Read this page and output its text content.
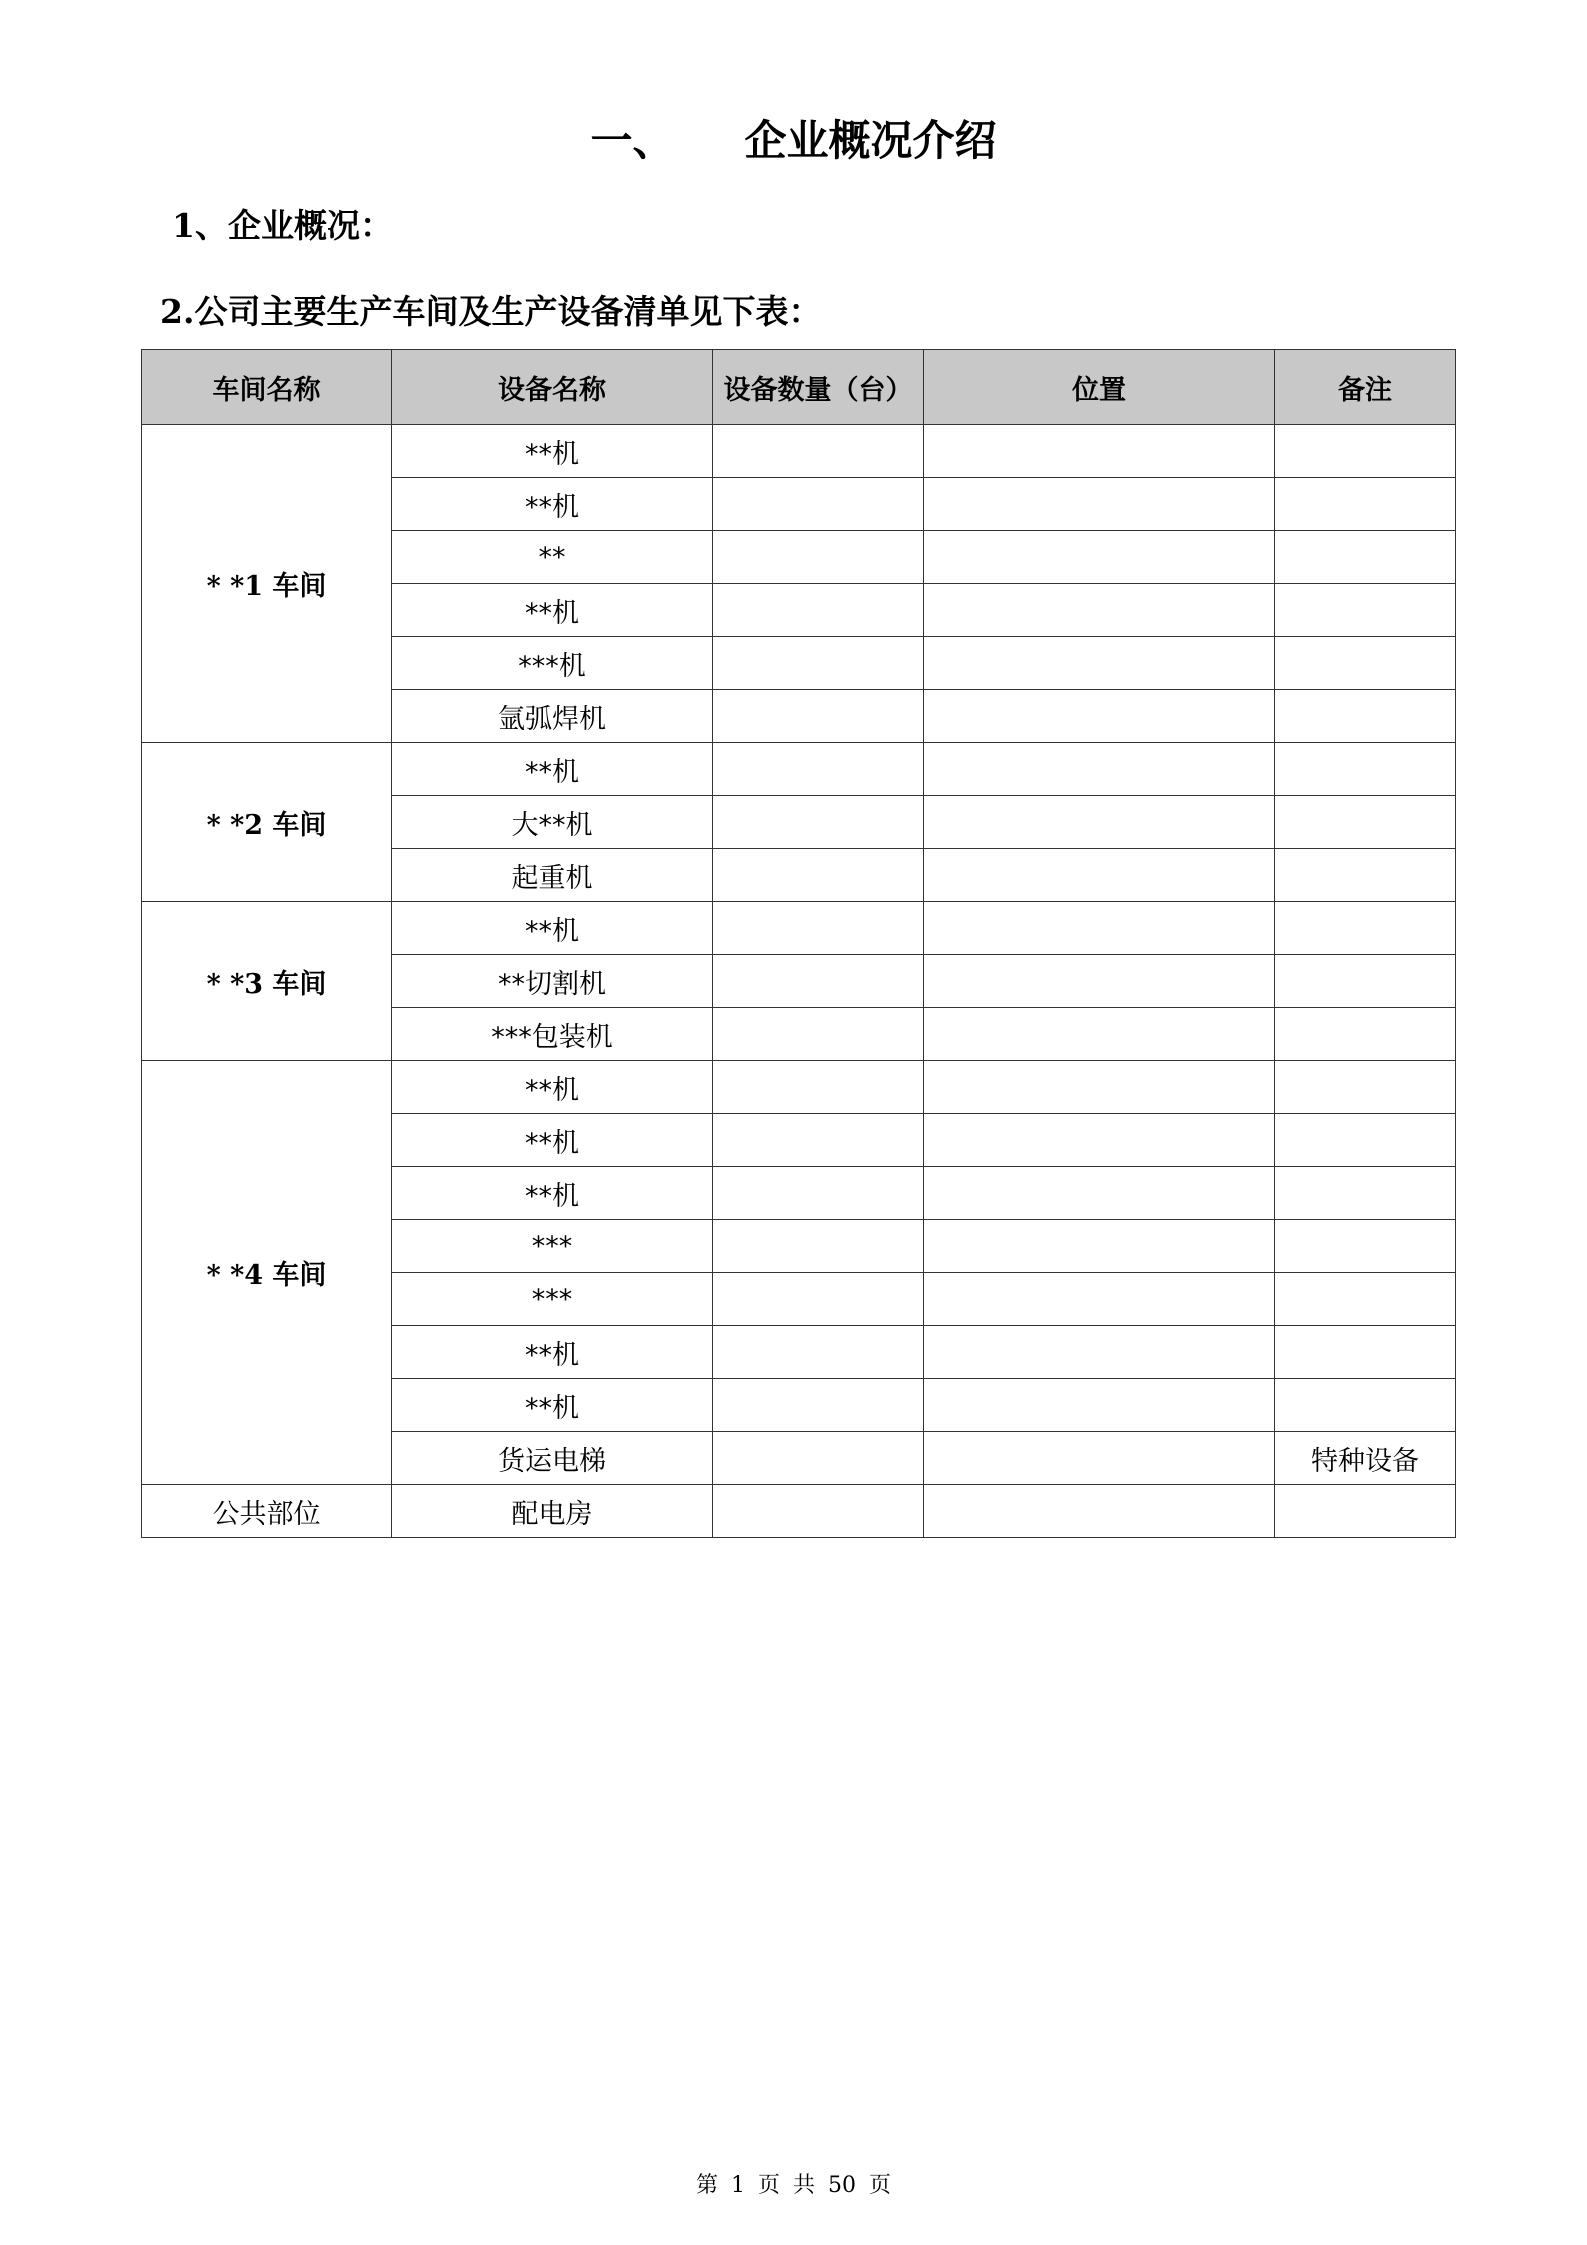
一、 企业概况介绍
1、企业概况：
2.公司主要生产车间及生产设备清单见下表：
车间名称	设备名称	设备数量（台）	位置	备注
* *1 车间	**机			
	**机			
	**			
	**机			
	***机			
	氩弧焊机			
* *2 车间	**机			
	大**机			
	起重机			
* *3 车间	**机			
	**切割机			
	***包装机			
* *4 车间	**机			
	**机			
	**机			
	***			
	***			
	**机			
	**机			
	货运电梯			特种设备
公共部位	配电房			
第 1 页 共 50 页
